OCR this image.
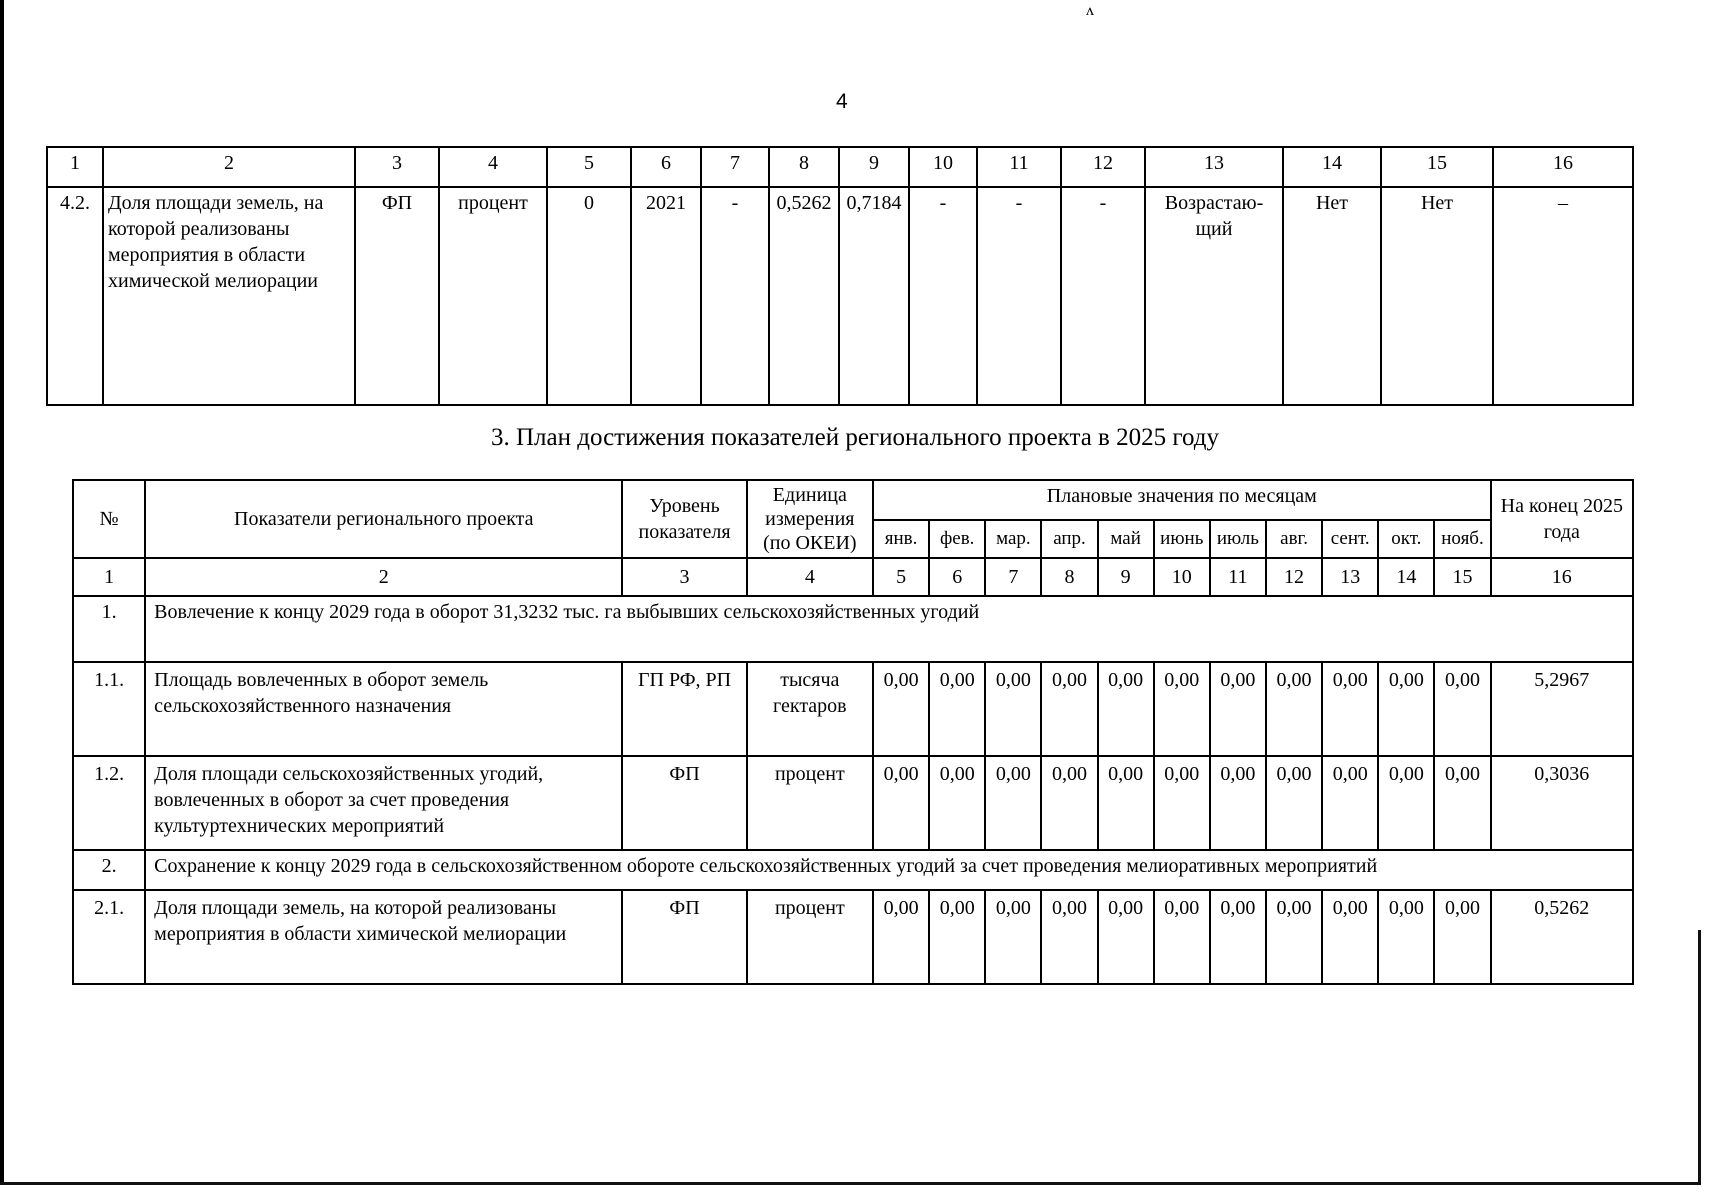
ʌ
4
1	2	3	4	5	6	7	8	9	10	11	12	13	14	15	16
4.2.	Доля площади земель, на которой реализованы мероприятия в области химической мелиорации	ФП	процент	0	2021	-	0,5262	0,7184	-	-	-	Возрастаю-щий	Нет	Нет	–
3. План достижения показателей регионального проекта в 2025 году
№	Показатели регионального проекта	Уровень показателя	Единица измерения (по ОКЕИ)	Плановые значения по месяцам											На конец 2025 года
				янв.	фев.	мар.	апр.	май	июнь	июль	авг.	сент.	окт.	нояб.	
1	2	3	4	5	6	7	8	9	10	11	12	13	14	15	16
1.	Вовлечение к концу 2029 года в оборот 31,3232 тыс. га выбывших сельскохозяйственных угодий														
1.1.	Площадь вовлеченных в оборот земель сельскохозяйственного назначения	ГП РФ, РП	тысяча гектаров	0,00	0,00	0,00	0,00	0,00	0,00	0,00	0,00	0,00	0,00	0,00	5,2967
1.2.	Доля площади сельскохозяйственных угодий, вовлеченных в оборот за счет проведения культуртехнических мероприятий	ФП	процент	0,00	0,00	0,00	0,00	0,00	0,00	0,00	0,00	0,00	0,00	0,00	0,3036
2.	Сохранение к концу 2029 года в сельскохозяйственном обороте сельскохозяйственных угодий за счет проведения мелиоративных мероприятий														
2.1.	Доля площади земель, на которой реализованы мероприятия в области химической мелиорации	ФП	процент	0,00	0,00	0,00	0,00	0,00	0,00	0,00	0,00	0,00	0,00	0,00	0,5262
